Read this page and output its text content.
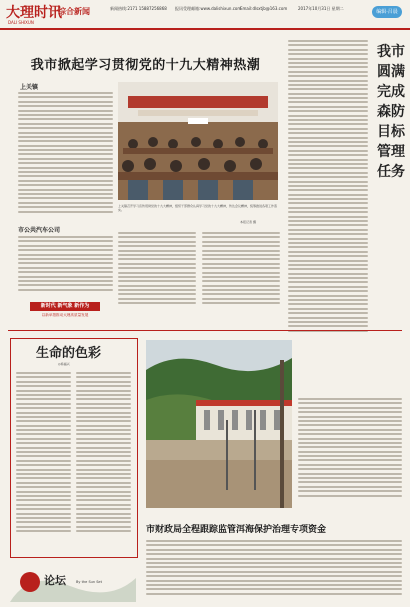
大理时讯
DALI SHIXUN
综合新闻	新闻热线:2171 15887256868 报讯受理邮箱:www.dalishixun.com
Email:dlsxtjb@163.com	2017年10月31日 星期二
编辑·吕晨
我市掀起学习贯彻党的十九大精神热潮
上关镇
市公共汽车公司
新时代 新气象 新作为
以新举措推动大理高质量发展
上关镇召开学习宣传贯彻党的十九大精神，组织干部群众认真学习党的十九大精神，传达会议精神，统筹推进各项工作落实。
本报记者 摄
我市圆满完成森防目标管理任务
生命的色彩
◎杨福兴
市财政局全程跟踪监管洱海保护治理专项资金
论坛	By the Sun Set
